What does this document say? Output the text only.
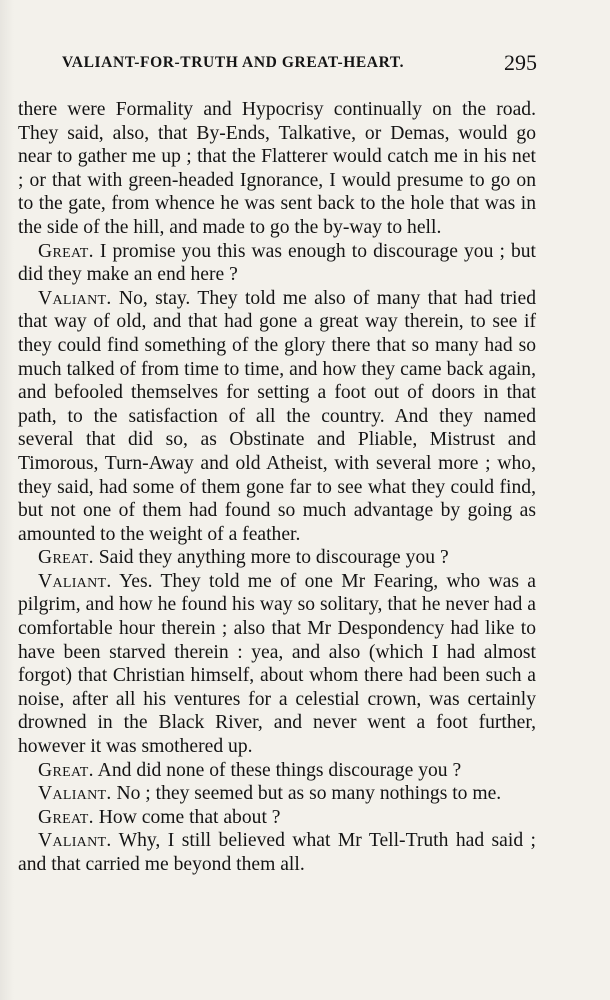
VALIANT-FOR-TRUTH AND GREAT-HEART.	295

there were Formality and Hypocrisy continually on the road. They said, also, that By-Ends, Talkative, or Demas, would go near to gather me up ; that the Flatterer would catch me in his net ; or that with green-headed Ignorance, I would presume to go on to the gate, from whence he was sent back to the hole that was in the side of the hill, and made to go the by-way to hell.

Great. I promise you this was enough to discourage you ; but did they make an end here ?

Valiant. No, stay. They told me also of many that had tried that way of old, and that had gone a great way therein, to see if they could find something of the glory there that so many had so much talked of from time to time, and how they came back again, and befooled themselves for setting a foot out of doors in that path, to the satisfaction of all the country. And they named several that did so, as Obstinate and Pliable, Mistrust and Timorous, Turn-Away and old Atheist, with several more ; who, they said, had some of them gone far to see what they could find, but not one of them had found so much advantage by going as amounted to the weight of a feather.

Great. Said they anything more to discourage you ?

Valiant. Yes. They told me of one Mr Fearing, who was a pilgrim, and how he found his way so solitary, that he never had a comfortable hour therein ; also that Mr Despondency had like to have been starved therein : yea, and also (which I had almost forgot) that Christian himself, about whom there had been such a noise, after all his ventures for a celestial crown, was certainly drowned in the Black River, and never went a foot further, however it was smothered up.

Great. And did none of these things discourage you ?

Valiant. No ; they seemed but as so many nothings to me.

Great. How come that about ?

Valiant. Why, I still believed what Mr Tell-Truth had said ; and that carried me beyond them all.
